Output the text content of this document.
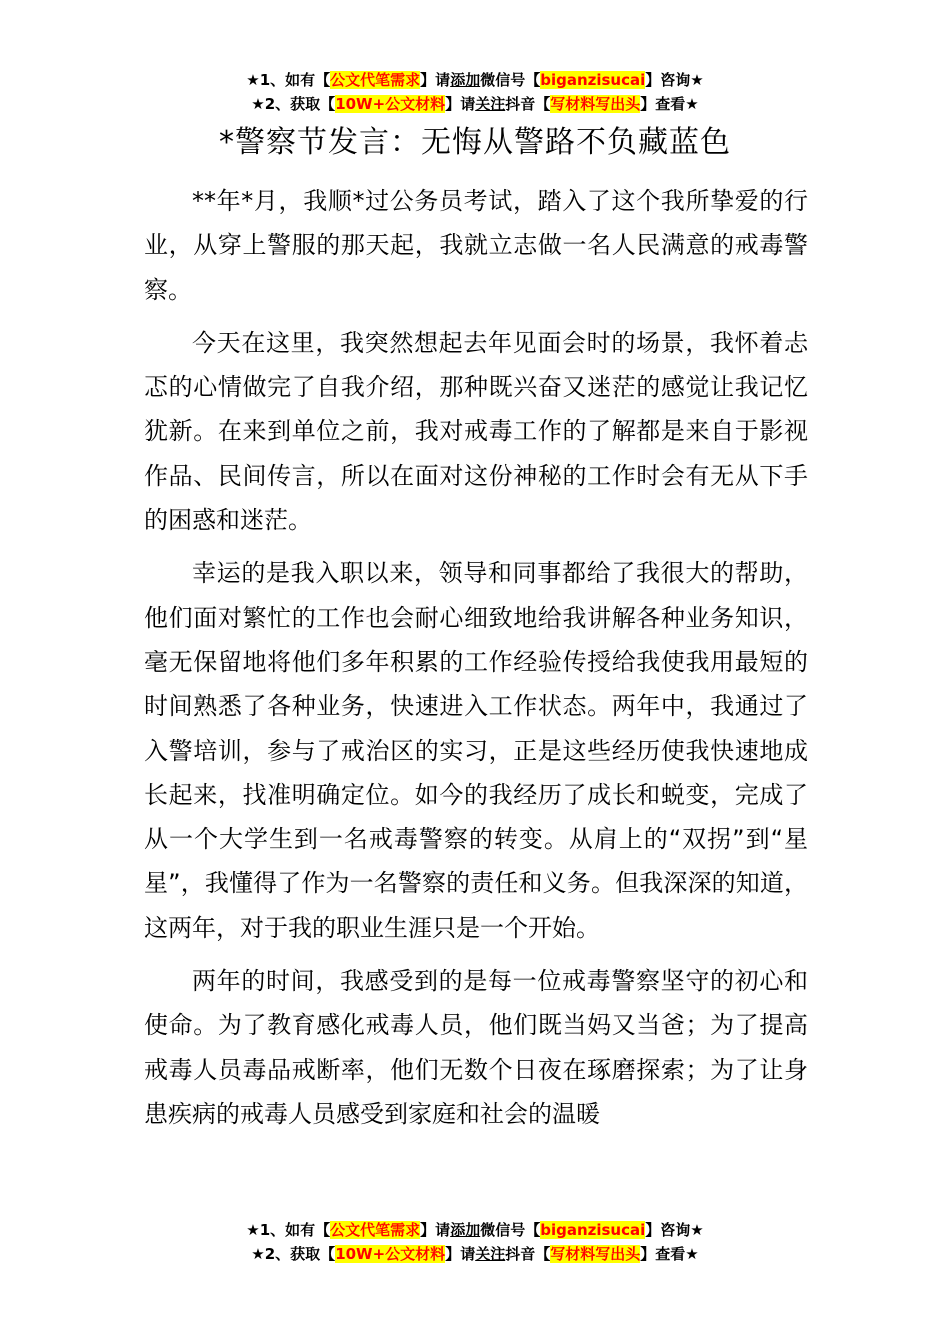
★1、如有【公文代笔需求】请添加微信号【biganzisucai】咨询★
★2、获取【10W+公文材料】请关注抖音【写材料写出头】查看★
*警察节发言：无悔从警路不负藏蓝色

**年*月，我顺*过公务员考试，踏入了这个我所挚爱的行业，从穿上警服的那天起，我就立志做一名人民满意的戒毒警察。

今天在这里，我突然想起去年见面会时的场景，我怀着忐忑的心情做完了自我介绍，那种既兴奋又迷茫的感觉让我记忆犹新。在来到单位之前，我对戒毒工作的了解都是来自于影视作品、民间传言，所以在面对这份神秘的工作时会有无从下手的困惑和迷茫。

幸运的是我入职以来，领导和同事都给了我很大的帮助，他们面对繁忙的工作也会耐心细致地给我讲解各种业务知识，毫无保留地将他们多年积累的工作经验传授给我使我用最短的时间熟悉了各种业务，快速进入工作状态。两年中，我通过了入警培训，参与了戒治区的实习，正是这些经历使我快速地成长起来，找准明确定位。如今的我经历了成长和蜕变，完成了从一个大学生到一名戒毒警察的转变。从肩上的“双拐”到“星星”，我懂得了作为一名警察的责任和义务。但我深深的知道，这两年，对于我的职业生涯只是一个开始。

两年的时间，我感受到的是每一位戒毒警察坚守的初心和使命。为了教育感化戒毒人员，他们既当妈又当爸；为了提高戒毒人员毒品戒断率，他们无数个日夜在琢磨探索；为了让身患疾病的戒毒人员感受到家庭和社会的温暖

★1、如有【公文代笔需求】请添加微信号【biganzisucai】咨询★
★2、获取【10W+公文材料】请关注抖音【写材料写出头】查看★
